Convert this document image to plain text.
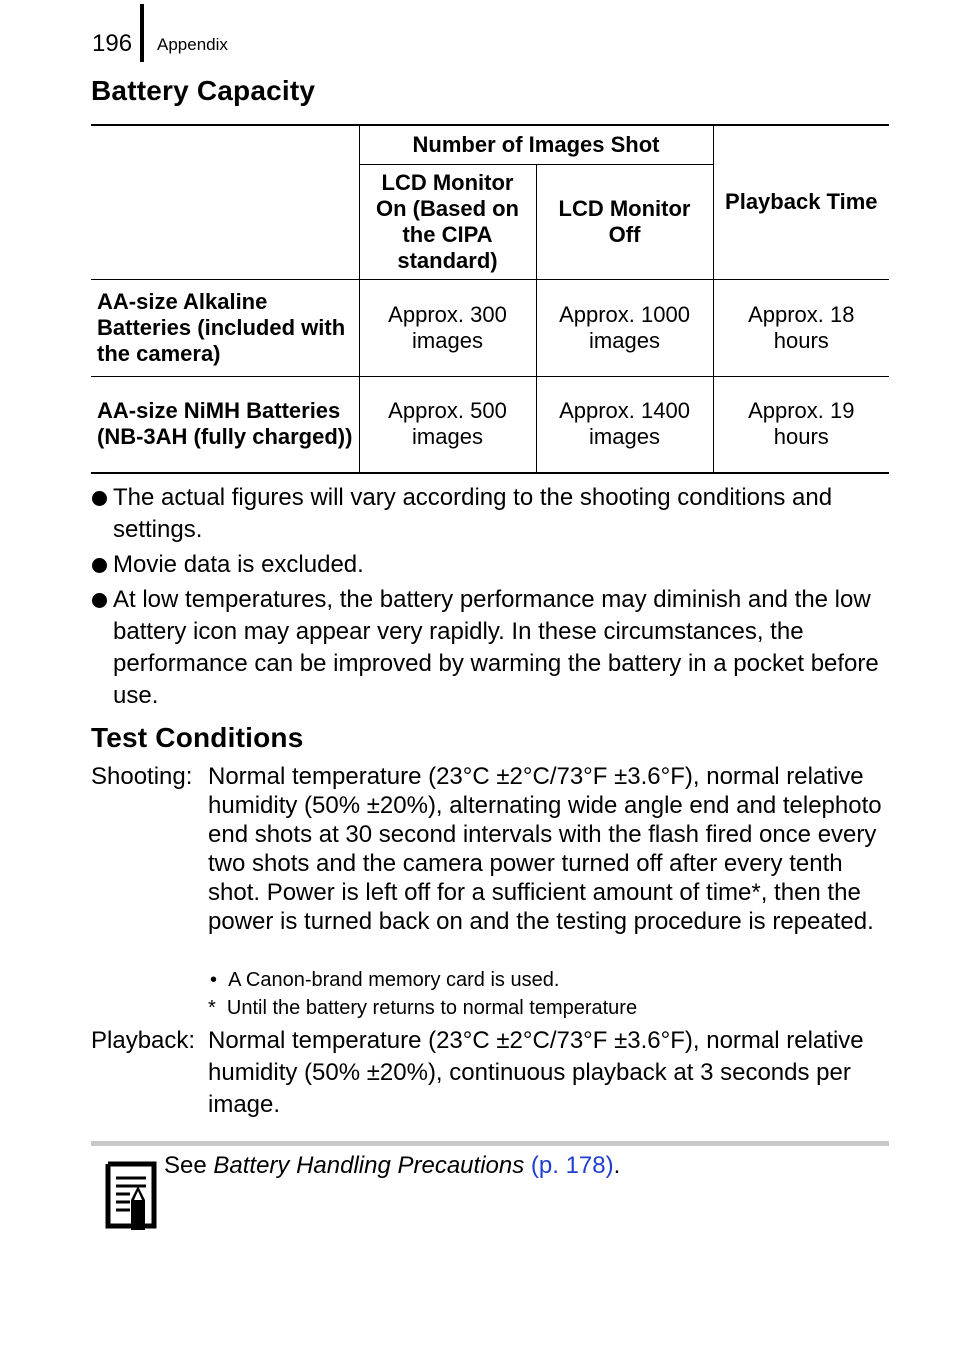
196 Appendix
Battery Capacity
	Number of Images Shot		Playback Time
	LCD Monitor On (Based on the CIPA standard)	LCD Monitor Off	
AA-size Alkaline Batteries (included with the camera)	Approx. 300 images	Approx. 1000 images	Approx. 18 hours
AA-size NiMH Batteries (NB-3AH (fully charged))	Approx. 500 images	Approx. 1400 images	Approx. 19 hours
The actual figures will vary according to the shooting conditions and settings.
Movie data is excluded.
At low temperatures, the battery performance may diminish and the low battery icon may appear very rapidly. In these circumstances, the performance can be improved by warming the battery in a pocket before use.
Test Conditions
Shooting: Normal temperature (23°C ±2°C/73°F ±3.6°F), normal relative humidity (50% ±20%), alternating wide angle end and telephoto end shots at 30 second intervals with the flash fired once every two shots and the camera power turned off after every tenth shot. Power is left off for a sufficient amount of time*, then the power is turned back on and the testing procedure is repeated.
•  A Canon-brand memory card is used.
*  Until the battery returns to normal temperature
Playback: Normal temperature (23°C ±2°C/73°F ±3.6°F), normal relative humidity (50% ±20%), continuous playback at 3 seconds per image.
See Battery Handling Precautions (p. 178).
